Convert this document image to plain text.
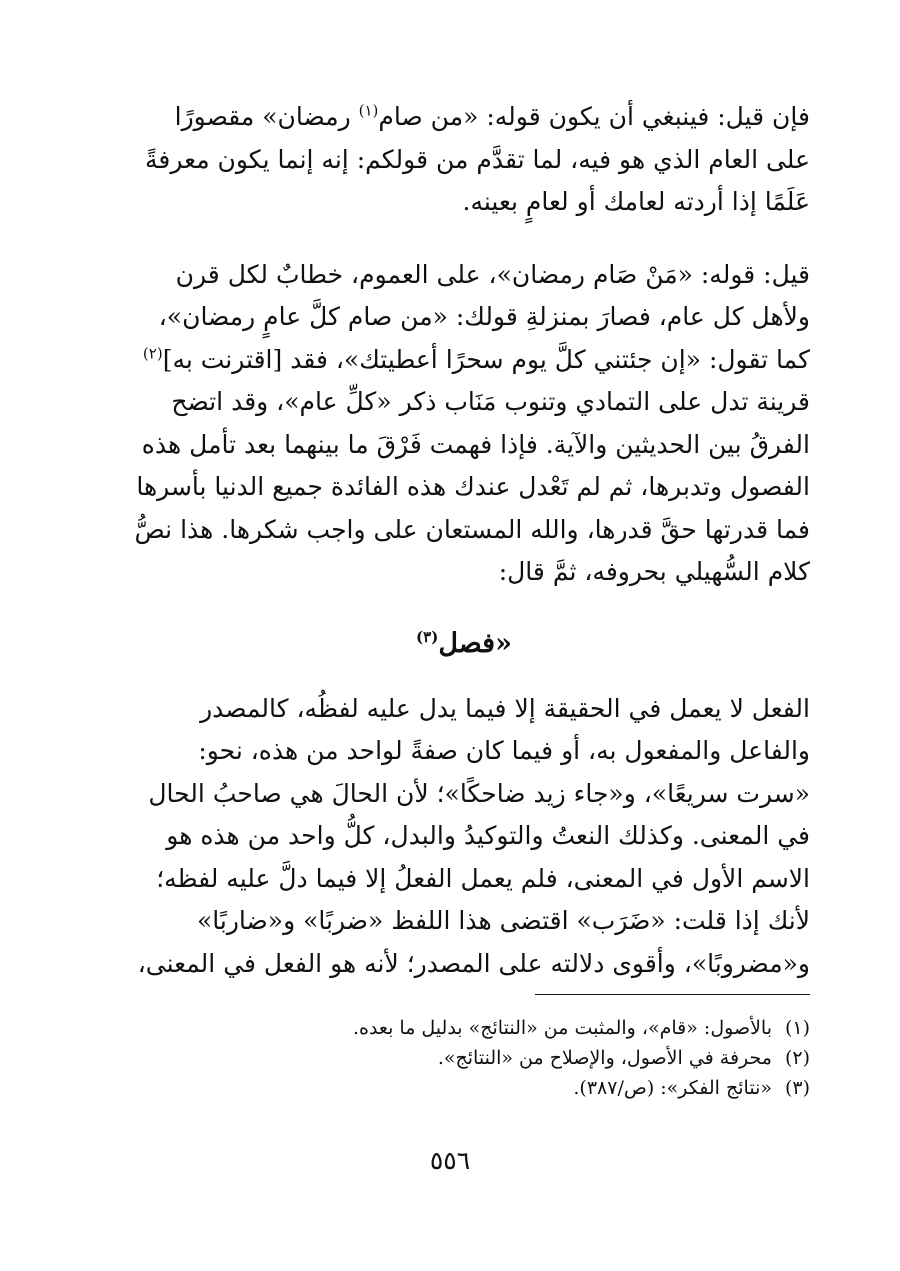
فإن قيل: فينبغي أن يكون قوله: «من صام$^{(١)}$ رمضان» مقصورًا
على العام الذي هو فيه، لما تقدَّم من قولكم: إنه إنما يكون معرفةً
عَلَمًا إذا أردته لعامك أو لعامٍ بعينه.

قيل: قوله: «مَنْ صَام رمضان»، على العموم، خطابٌ لكل قرن
ولأهل كل عام، فصارَ بمنزلةِ قولك: «من صام كلَّ عامٍ رمضان»،
كما تقول: «إن جئتني كلَّ يوم سحرًا أعطيتك»، فقد [اقترنت به]$^{(٢)}$
قرينة تدل على التمادي وتنوب مَنَاب ذكر «كلِّ عام»، وقد اتضح
الفرقُ بين الحديثين والآية. فإذا فهمت فَرْقَ ما بينهما بعد تأمل هذه
الفصول وتدبرها، ثم لم تَعْدل عندك هذه الفائدة جميع الدنيا بأسرها
فما قدرتها حقَّ قدرها، والله المستعان على واجب شكرها. هذا نصُّ
كلام السُّهيلي بحروفه، ثمَّ قال:

«فصل$^{(٣)}$

الفعل لا يعمل في الحقيقة إلا فيما يدل عليه لفظُه، كالمصدر
والفاعل والمفعول به، أو فيما كان صفةً لواحد من هذه، نحو:
«سرت سريعًا»، و«جاء زيد ضاحكًا»؛ لأن الحالَ هي صاحبُ الحال
في المعنى. وكذلك النعتُ والتوكيدُ والبدل، كلُّ واحد من هذه هو
الاسم الأول في المعنى، فلم يعمل الفعلُ إلا فيما دلَّ عليه لفظه؛
لأنك إذا قلت: «ضَرَب» اقتضى هذا اللفظ «ضربًا» و«ضاربًا»
و«مضروبًا»، وأقوى دلالته على المصدر؛ لأنه هو الفعل في المعنى،

(١)بالأصول: «قام»، والمثبت من «النتائج» بدليل ما بعده.
(٢)محرفة في الأصول، والإصلاح من «النتائج».
(٣)«نتائج الفكر»: (ص/٣٨٧).
٥٥٦
